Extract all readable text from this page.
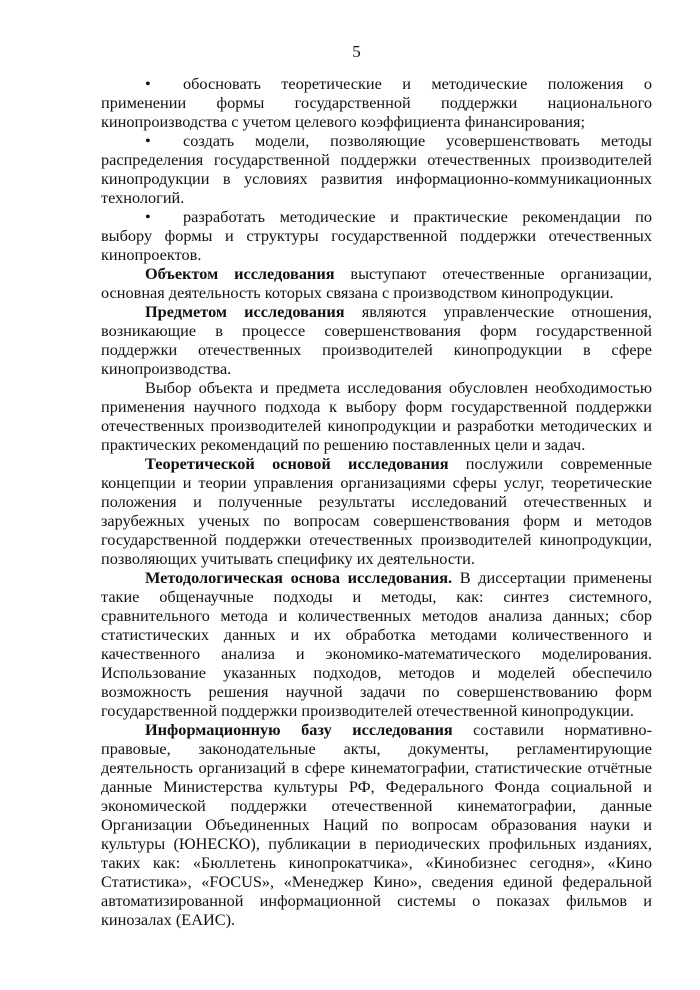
5

• обосновать теоретические и методические положения о применении формы государственной поддержки национального кинопроизводства с учетом целевого коэффициента финансирования;

• создать модели, позволяющие усовершенствовать методы распределения государственной поддержки отечественных производителей кинопродукции в условиях развития информационно-коммуникационных технологий.

• разработать методические и практические рекомендации по выбору формы и структуры государственной поддержки отечественных кинопроектов.

Объектом исследования выступают отечественные организации, основная деятельность которых связана с производством кинопродукции.

Предметом исследования являются управленческие отношения, возникающие в процессе совершенствования форм государственной поддержки отечественных производителей кинопродукции в сфере кинопроизводства.

Выбор объекта и предмета исследования обусловлен необходимостью применения научного подхода к выбору форм государственной поддержки отечественных производителей кинопродукции и разработки методических и практических рекомендаций по решению поставленных цели и задач.

Теоретической основой исследования послужили современные концепции и теории управления организациями сферы услуг, теоретические положения и полученные результаты исследований отечественных и зарубежных ученых по вопросам совершенствования форм и методов государственной поддержки отечественных производителей кинопродукции, позволяющих учитывать специфику их деятельности.

Методологическая основа исследования. В диссертации применены такие общенаучные подходы и методы, как: синтез системного, сравнительного метода и количественных методов анализа данных; сбор статистических данных и их обработка методами количественного и качественного анализа и экономико-математического моделирования. Использование указанных подходов, методов и моделей обеспечило возможность решения научной задачи по совершенствованию форм государственной поддержки производителей отечественной кинопродукции.

Информационную базу исследования составили нормативно-правовые, законодательные акты, документы, регламентирующие деятельность организаций в сфере кинематографии, статистические отчётные данные Министерства культуры РФ, Федерального Фонда социальной и экономической поддержки отечественной кинематографии, данные Организации Объединенных Наций по вопросам образования науки и культуры (ЮНЕСКО), публикации в периодических профильных изданиях, таких как: «Бюллетень кинопрокатчика», «Кинобизнес сегодня», «Кино Статистика», «FOCUS», «Менеджер Кино», сведения единой федеральной автоматизированной информационной системы о показах фильмов и кинозалах (ЕАИС).
